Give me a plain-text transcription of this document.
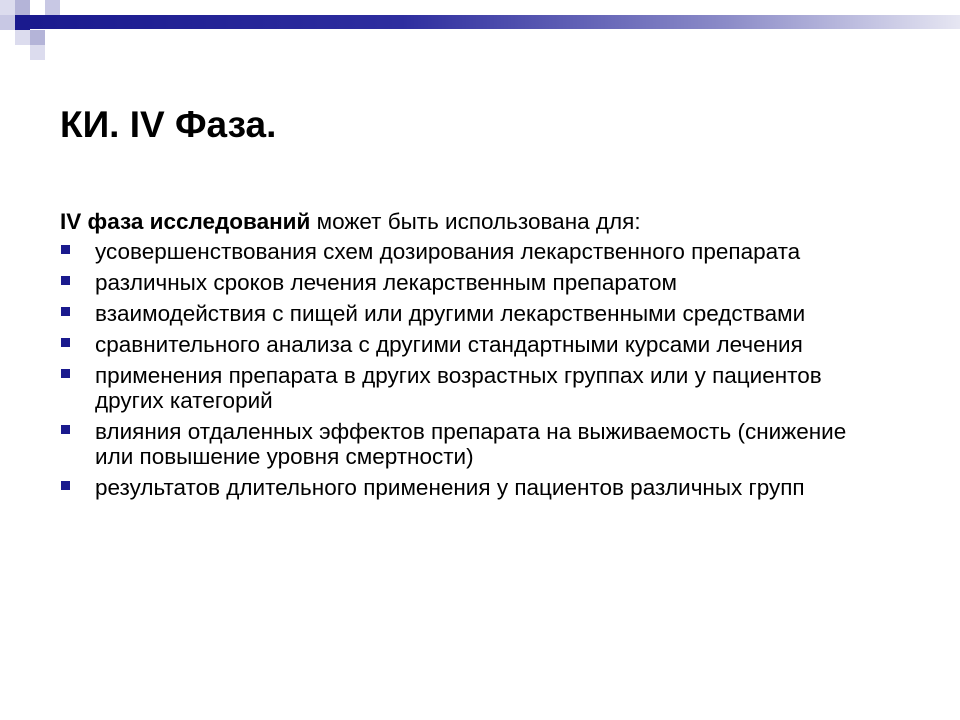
КИ. IV Фаза.

IV фаза исследований может быть использована для:

усовершенствования схем дозирования лекарственного препарата
различных сроков лечения лекарственным препаратом
взаимодействия с пищей или другими лекарственными средствами
сравнительного анализа с другими стандартными курсами лечения
применения препарата в других возрастных группах или у пациентов других категорий
влияния отдаленных эффектов препарата на выживаемость (снижение или повышение уровня смертности)
результатов длительного применения у пациентов различных групп
